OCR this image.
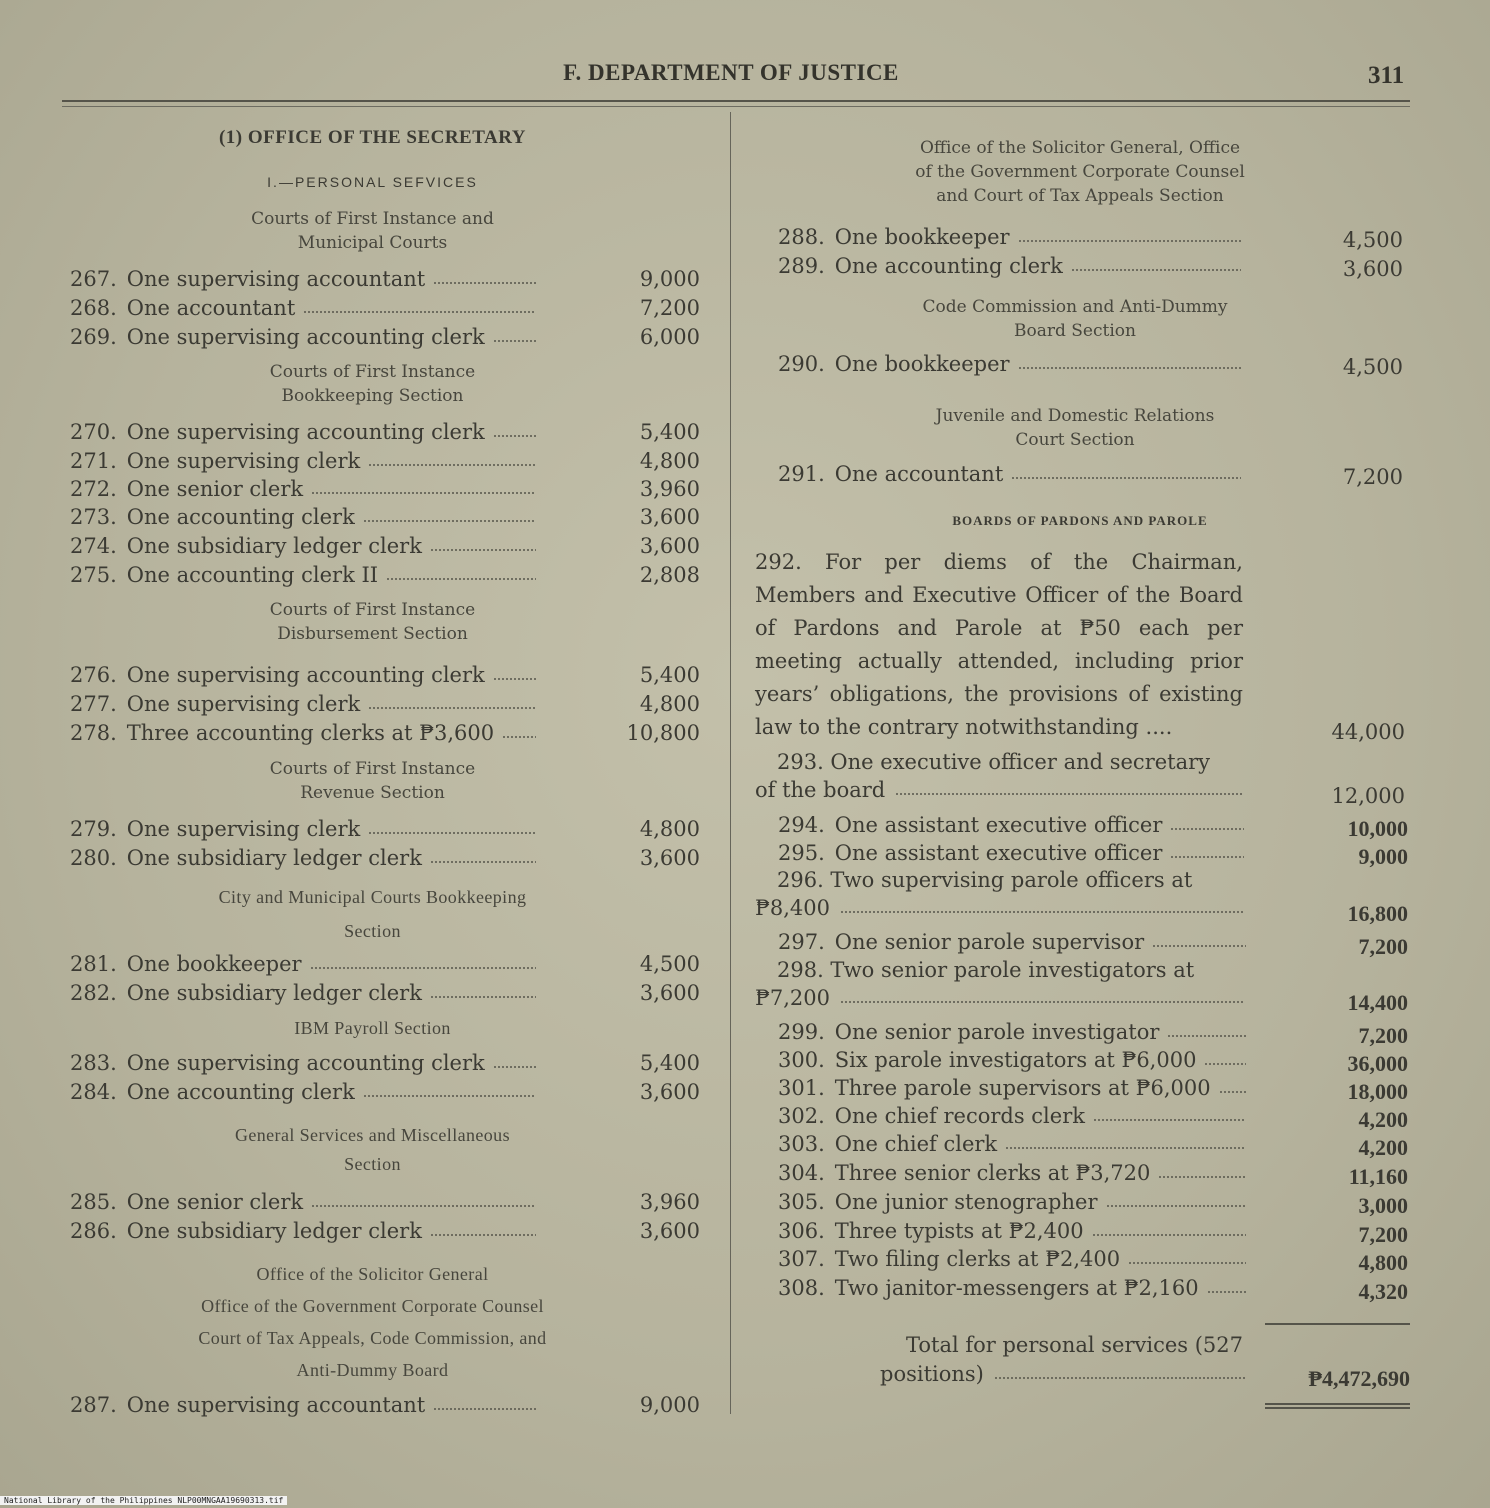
F. DEPARTMENT OF JUSTICE	311
(1) OFFICE OF THE SECRETARY
I.—PERSONAL SEFVICES
Courts of First Instance and
Municipal Courts
267. One supervising accountant	9,000
268. One accountant	7,200
269. One supervising accounting clerk	6,000
270. One supervising accounting clerk	5,400
271. One supervising clerk	4,800
272. One senior clerk	3,960
273. One accounting clerk	3,600
274. One subsidiary ledger clerk	3,600
275. One accounting clerk II	2,808
276. One supervising accounting clerk	5,400
277. One supervising clerk	4,800
278. Three accounting clerks at ₱3,600	10,800
279. One supervising clerk	4,800
280. One subsidiary ledger clerk	3,600
281. One bookkeeper	4,500
282. One subsidiary ledger clerk	3,600
283. One supervising accounting clerk	5,400
284. One accounting clerk	3,600
285. One senior clerk	3,960
286. One subsidiary ledger clerk	3,600
287. One supervising accountant	9,000
Courts of First Instance
Bookkeeping Section
Courts of First Instance
Disbursement Section
Courts of First Instance
Revenue Section
City and Municipal Courts Bookkeeping
Section
IBM Payroll Section
General Services and Miscellaneous
Section
Office of the Solicitor General
Office of the Government Corporate Counsel
Court of Tax Appeals, Code Commission, and
Anti-Dummy Board
Office of the Solicitor General, Office
of the Government Corporate Counsel
and Court of Tax Appeals Section
Code Commission and Anti-Dummy
Board Section
Juvenile and Domestic Relations
Court Section
BOARDS OF PARDONS AND PAROLE
288. One bookkeeper	4,500
289. One accounting clerk	3,600
290. One bookkeeper	4,500
291. One accountant	7,200
292. For per diems of the Chairman, Members and Executive Officer of the Board of Pardons and Parole at ₱50 each per meeting actually attended, including prior years’ obligations, the provisions of existing law to the contrary notwithstanding ....	44,000
293. One executive officer and secretary
of the board	12,000
294. One assistant executive officer	10,000
295. One assistant executive officer	9,000
296. Two supervising parole officers at
₱8,400	16,800
297. One senior parole supervisor	7,200
298. Two senior parole investigators at
₱7,200	14,400
299. One senior parole investigator	7,200
300. Six parole investigators at ₱6,000	36,000
301. Three parole supervisors at ₱6,000	18,000
302. One chief records clerk	4,200
303. One chief clerk	4,200
304. Three senior clerks at ₱3,720	11,160
305. One junior stenographer	3,000
306. Three typists at ₱2,400	7,200
307. Two filing clerks at ₱2,400	4,800
308. Two janitor-messengers at ₱2,160	4,320
Total for personal services (527
positions)	₱4,472,690
National Library of the Philippines NLP00MNGAA19690313.tif
